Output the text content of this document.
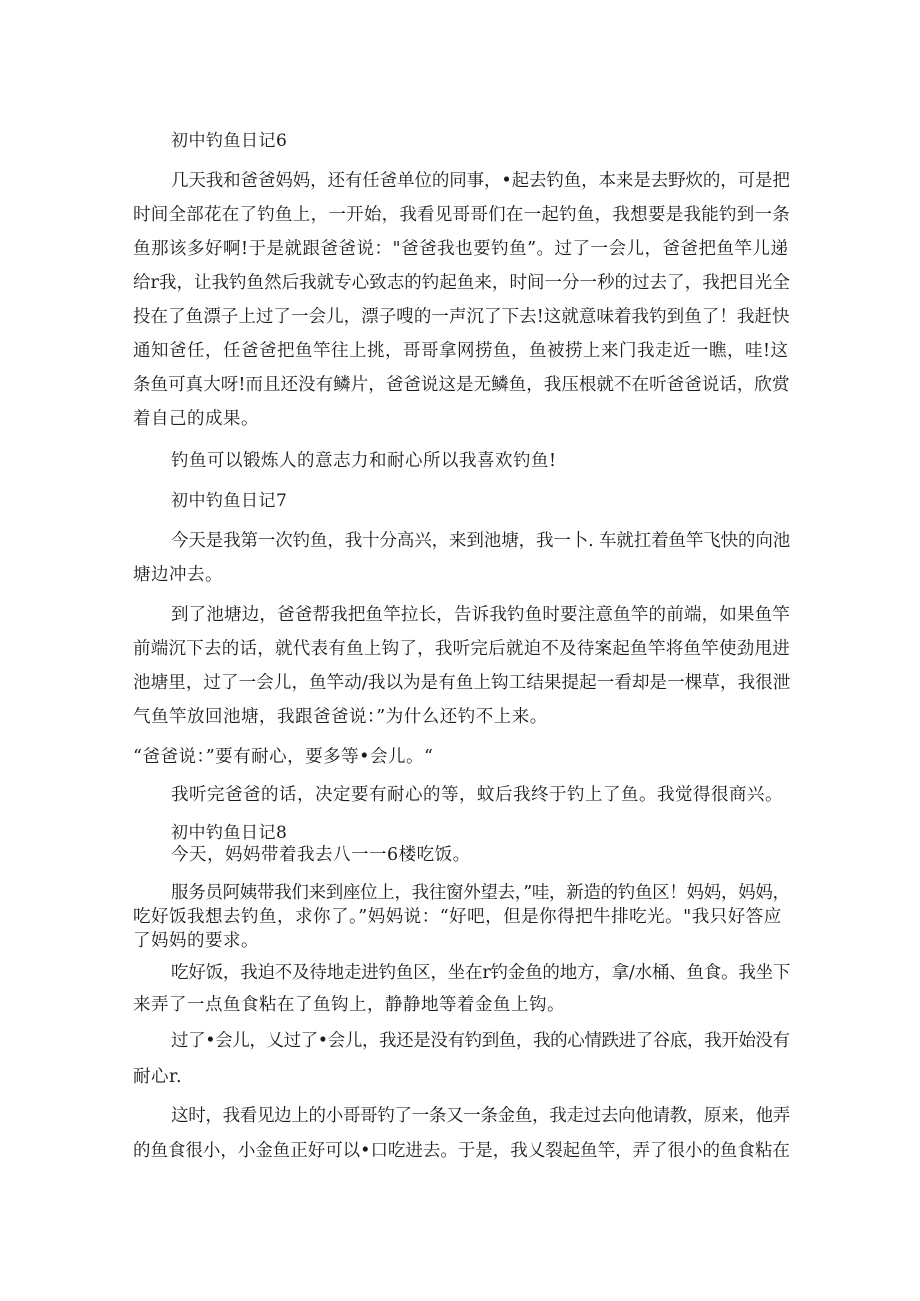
初中钓鱼日记6
几天我和爸爸妈妈，还有任爸单位的同事，•起去钓鱼，本来是去野炊的，可是把
时间全部花在了钓鱼上，一开始，我看见哥哥们在一起钓鱼，我想要是我能钓到一条
鱼那该多好啊!于是就跟爸爸说："爸爸我也要钓鱼”。过了一会儿，爸爸把鱼竿儿递
给r我，让我钓鱼然后我就专心致志的钓起鱼来，时间一分一秒的过去了，我把目光全
投在了鱼漂子上过了一会儿，漂子嗖的一声沉了下去!这就意味着我钓到鱼了！我赶快
通知爸任，任爸爸把鱼竿往上挑，哥哥拿网捞鱼，鱼被捞上来门我走近一瞧，哇!这
条鱼可真大呀!而且还没有鳞片，爸爸说这是无鳞鱼，我压根就不在听爸爸说话，欣赏
着自己的成果。
钓鱼可以锻炼人的意志力和耐心所以我喜欢钓鱼!
初中钓鱼日记7
今天是我第一次钓鱼，我十分高兴，来到池塘，我一卜. 车就扛着鱼竿飞快的向池
塘边冲去。
到了池塘边，爸爸帮我把鱼竿拉长，告诉我钓鱼时要注意鱼竿的前端，如果鱼竿
前端沉下去的话，就代表有鱼上钩了，我听完后就迫不及待案起鱼竿将鱼竿使劲甩进
池塘里，过了一会儿，鱼竿动/我以为是有鱼上钩工结果提起一看却是一棵草，我很泄
气鱼竿放回池塘，我跟爸爸说：”为什么还钓不上来。
“爸爸说：”要有耐心，要多等•会儿。“
我听完爸爸的话，决定要有耐心的等，蚊后我终于钓上了鱼。我觉得很商兴。
初中钓鱼日记8
今天，妈妈带着我去八一一6楼吃饭。
服务员阿姨带我们来到座位上，我往窗外望去，”哇，新造的钓鱼区！妈妈，妈妈，
吃好饭我想去钓鱼，求你了。”妈妈说：“好吧，但是你得把牛排吃光。"我只好答应
了妈妈的要求。
吃好饭，我迫不及待地走进钓鱼区，坐在r钓金鱼的地方，拿/水桶、鱼食。我坐下
来弄了一点鱼食粘在了鱼钩上，静静地等着金鱼上钩。
过了•会儿，乂过了•会儿，我还是没有钓到鱼，我的心情跌进了谷底，我开始没有
耐心r.
这时，我看见边上的小哥哥钓了一条又一条金鱼，我走过去向他请教，原来，他弄
的鱼食很小，小金鱼正好可以•口吃进去。于是，我乂裂起鱼竿，弄了很小的鱼食粘在
